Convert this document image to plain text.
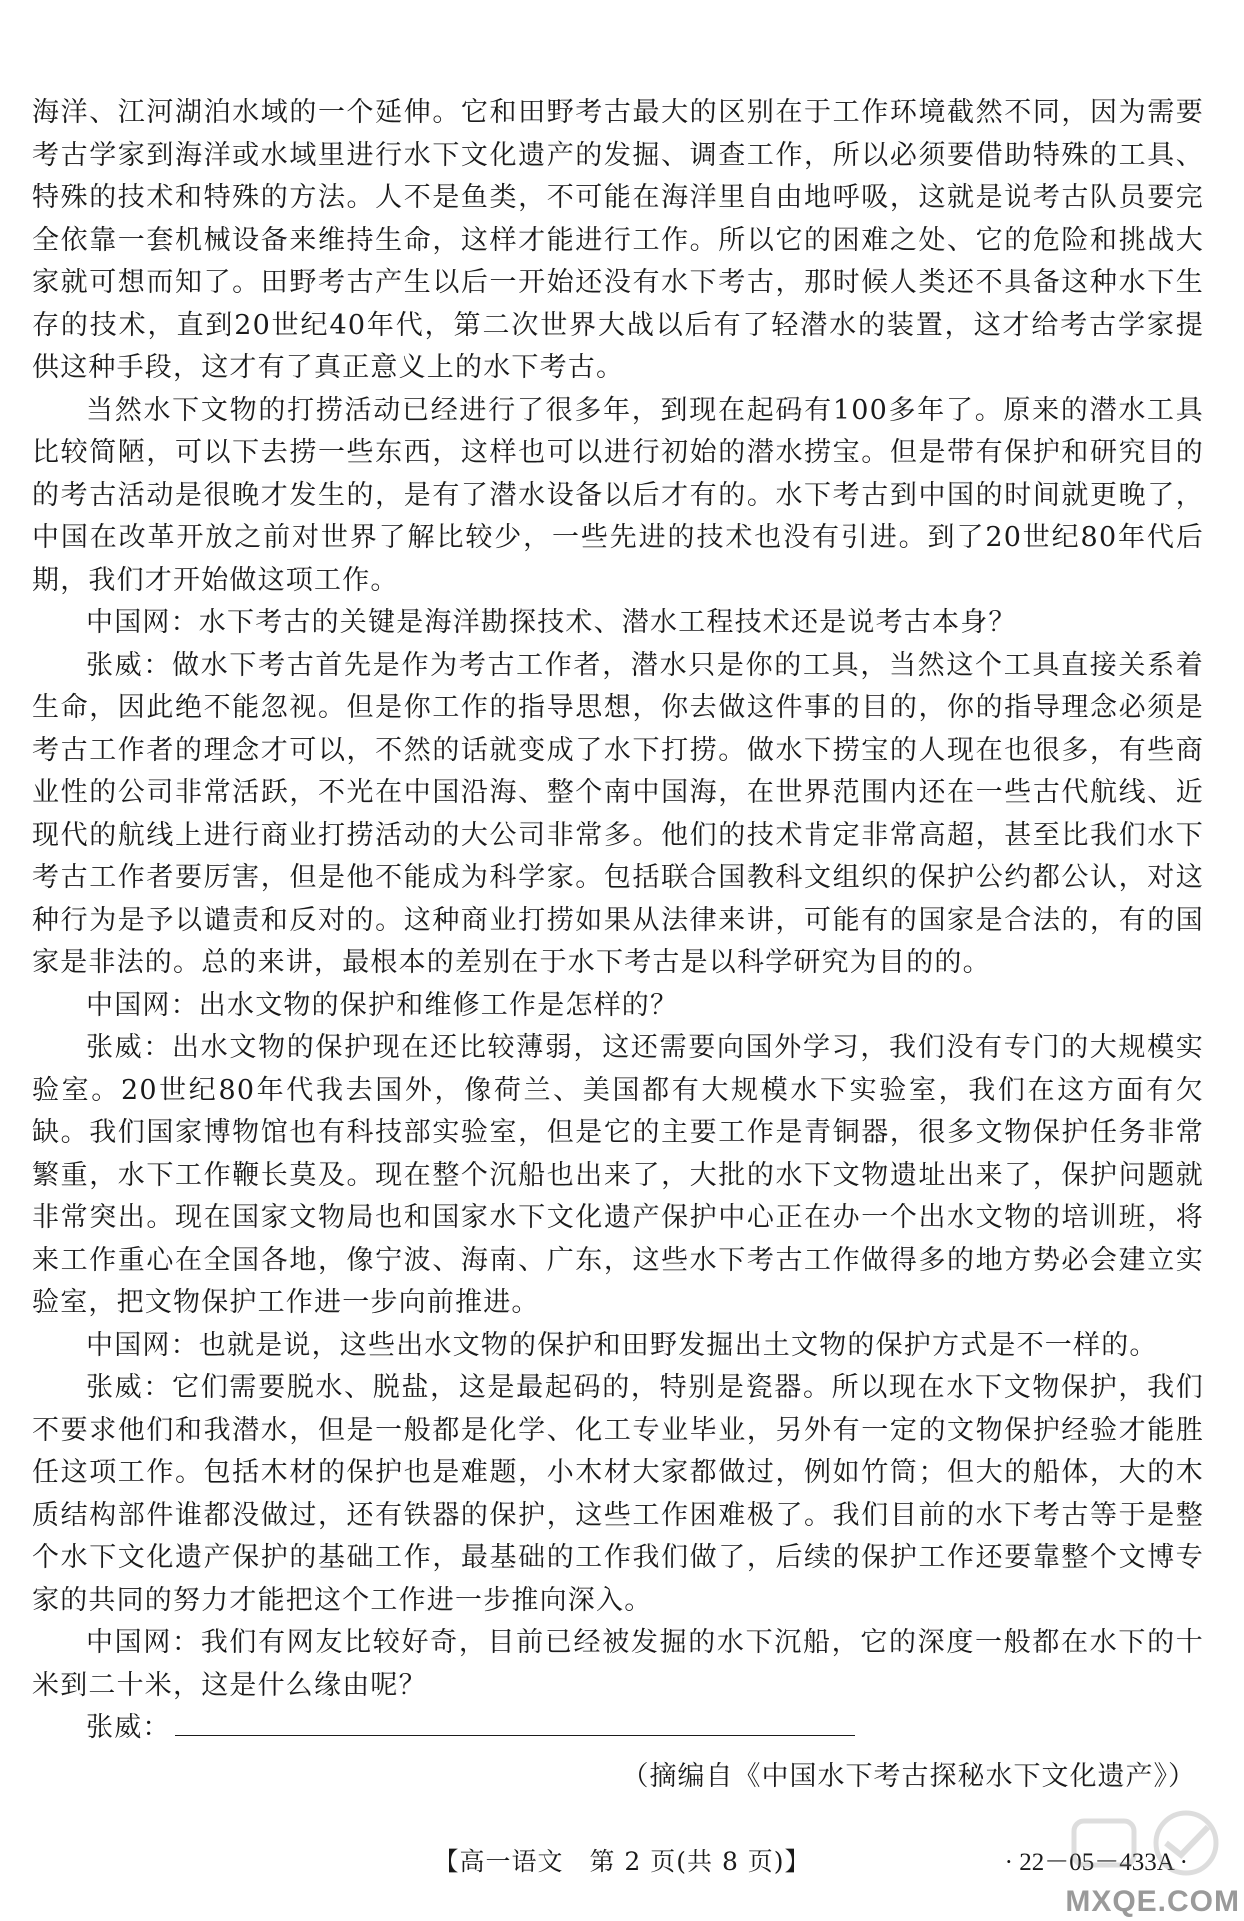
海洋、江河湖泊水域的一个延伸。它和田野考古最大的区别在于工作环境截然不同，因为需要考古学家到海洋或水域里进行水下文化遗产的发掘、调查工作，所以必须要借助特殊的工具、特殊的技术和特殊的方法。人不是鱼类，不可能在海洋里自由地呼吸，这就是说考古队员要完全依靠一套机械设备来维持生命，这样才能进行工作。所以它的困难之处、它的危险和挑战大家就可想而知了。田野考古产生以后一开始还没有水下考古，那时候人类还不具备这种水下生存的技术，直到20世纪40年代，第二次世界大战以后有了轻潜水的装置，这才给考古学家提供这种手段，这才有了真正意义上的水下考古。

当然水下文物的打捞活动已经进行了很多年，到现在起码有100多年了。原来的潜水工具比较简陋，可以下去捞一些东西，这样也可以进行初始的潜水捞宝。但是带有保护和研究目的的考古活动是很晚才发生的，是有了潜水设备以后才有的。水下考古到中国的时间就更晚了，中国在改革开放之前对世界了解比较少，一些先进的技术也没有引进。到了20世纪80年代后期，我们才开始做这项工作。

中国网：水下考古的关键是海洋勘探技术、潜水工程技术还是说考古本身？

张威：做水下考古首先是作为考古工作者，潜水只是你的工具，当然这个工具直接关系着生命，因此绝不能忽视。但是你工作的指导思想，你去做这件事的目的，你的指导理念必须是考古工作者的理念才可以，不然的话就变成了水下打捞。做水下捞宝的人现在也很多，有些商业性的公司非常活跃，不光在中国沿海、整个南中国海，在世界范围内还在一些古代航线、近现代的航线上进行商业打捞活动的大公司非常多。他们的技术肯定非常高超，甚至比我们水下考古工作者要厉害，但是他不能成为科学家。包括联合国教科文组织的保护公约都公认，对这种行为是予以谴责和反对的。这种商业打捞如果从法律来讲，可能有的国家是合法的，有的国家是非法的。总的来讲，最根本的差别在于水下考古是以科学研究为目的的。

中国网：出水文物的保护和维修工作是怎样的？

张威：出水文物的保护现在还比较薄弱，这还需要向国外学习，我们没有专门的大规模实验室。20世纪80年代我去国外，像荷兰、美国都有大规模水下实验室，我们在这方面有欠缺。我们国家博物馆也有科技部实验室，但是它的主要工作是青铜器，很多文物保护任务非常繁重，水下工作鞭长莫及。现在整个沉船也出来了，大批的水下文物遗址出来了，保护问题就非常突出。现在国家文物局也和国家水下文化遗产保护中心正在办一个出水文物的培训班，将来工作重心在全国各地，像宁波、海南、广东，这些水下考古工作做得多的地方势必会建立实验室，把文物保护工作进一步向前推进。

中国网：也就是说，这些出水文物的保护和田野发掘出土文物的保护方式是不一样的。

张威：它们需要脱水、脱盐，这是最起码的，特别是瓷器。所以现在水下文物保护，我们不要求他们和我潜水，但是一般都是化学、化工专业毕业，另外有一定的文物保护经验才能胜任这项工作。包括木材的保护也是难题，小木材大家都做过，例如竹筒；但大的船体，大的木质结构部件谁都没做过，还有铁器的保护，这些工作困难极了。我们目前的水下考古等于是整个水下文化遗产保护的基础工作，最基础的工作我们做了，后续的保护工作还要靠整个文博专家的共同的努力才能把这个工作进一步推向深入。

中国网：我们有网友比较好奇，目前已经被发掘的水下沉船，它的深度一般都在水下的十米到二十米，这是什么缘由呢？

张威：

（摘编自《中国水下考古探秘水下文化遗产》）

【高一语文　第 2 页(共 8 页)】	· 22－05－433A ·
MXQE.COM
